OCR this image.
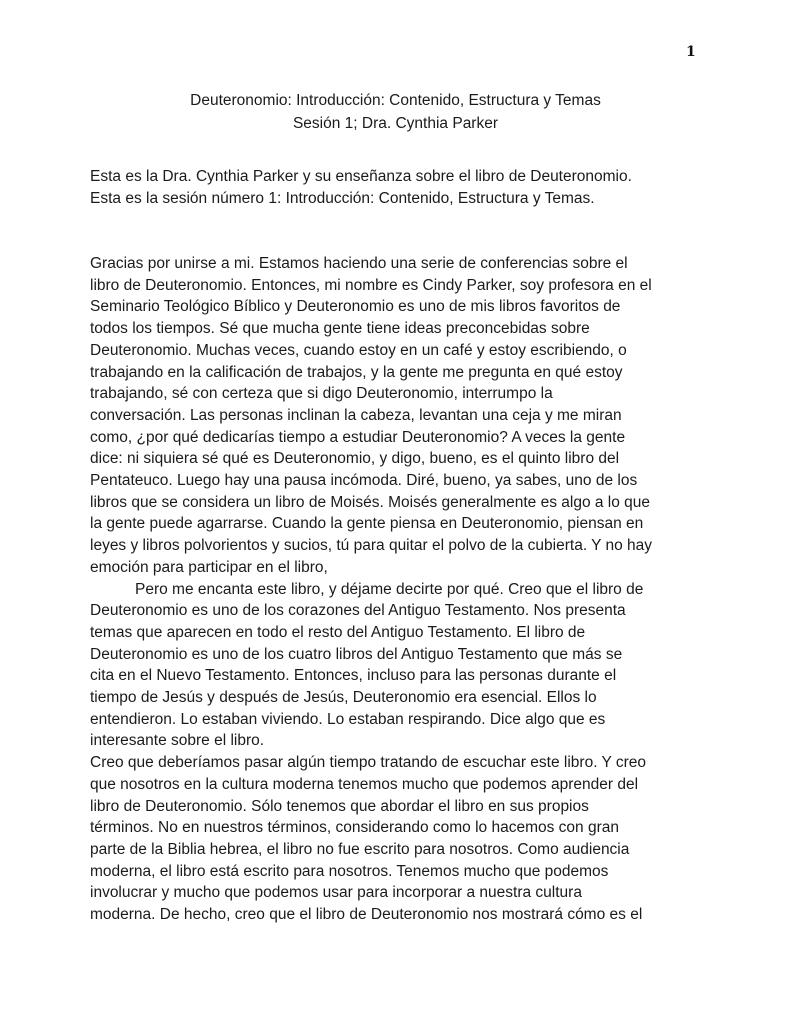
1
Deuteronomio: Introducción: Contenido, Estructura y Temas
Sesión 1; Dra. Cynthia Parker
Esta es la Dra. Cynthia Parker y su enseñanza sobre el libro de Deuteronomio.
Esta es la sesión número 1: Introducción: Contenido, Estructura y Temas.
Gracias por unirse a mi. Estamos haciendo una serie de conferencias sobre el
libro de Deuteronomio. Entonces, mi nombre es Cindy Parker, soy profesora en el
Seminario Teológico Bíblico y Deuteronomio es uno de mis libros favoritos de
todos los tiempos. Sé que mucha gente tiene ideas preconcebidas sobre
Deuteronomio. Muchas veces, cuando estoy en un café y estoy escribiendo, o
trabajando en la calificación de trabajos, y la gente me pregunta en qué estoy
trabajando, sé con certeza que si digo Deuteronomio, interrumpo la
conversación. Las personas inclinan la cabeza, levantan una ceja y me miran
como, ¿por qué dedicarías tiempo a estudiar Deuteronomio? A veces la gente
dice: ni siquiera sé qué es Deuteronomio, y digo, bueno, es el quinto libro del
Pentateuco. Luego hay una pausa incómoda. Diré, bueno, ya sabes, uno de los
libros que se considera un libro de Moisés. Moisés generalmente es algo a lo que
la gente puede agarrarse. Cuando la gente piensa en Deuteronomio, piensan en
leyes y libros polvorientos y sucios, tú para quitar el polvo de la cubierta. Y no hay
emoción para participar en el libro,
Pero me encanta este libro, y déjame decirte por qué. Creo que el libro de
Deuteronomio es uno de los corazones del Antiguo Testamento. Nos presenta
temas que aparecen en todo el resto del Antiguo Testamento. El libro de
Deuteronomio es uno de los cuatro libros del Antiguo Testamento que más se
cita en el Nuevo Testamento. Entonces, incluso para las personas durante el
tiempo de Jesús y después de Jesús, Deuteronomio era esencial. Ellos lo
entendieron. Lo estaban viviendo. Lo estaban respirando. Dice algo que es
interesante sobre el libro.
Creo que deberíamos pasar algún tiempo tratando de escuchar este libro. Y creo
que nosotros en la cultura moderna tenemos mucho que podemos aprender del
libro de Deuteronomio. Sólo tenemos que abordar el libro en sus propios
términos. No en nuestros términos, considerando como lo hacemos con gran
parte de la Biblia hebrea, el libro no fue escrito para nosotros. Como audiencia
moderna, el libro está escrito para nosotros. Tenemos mucho que podemos
involucrar y mucho que podemos usar para incorporar a nuestra cultura
moderna. De hecho, creo que el libro de Deuteronomio nos mostrará cómo es el
